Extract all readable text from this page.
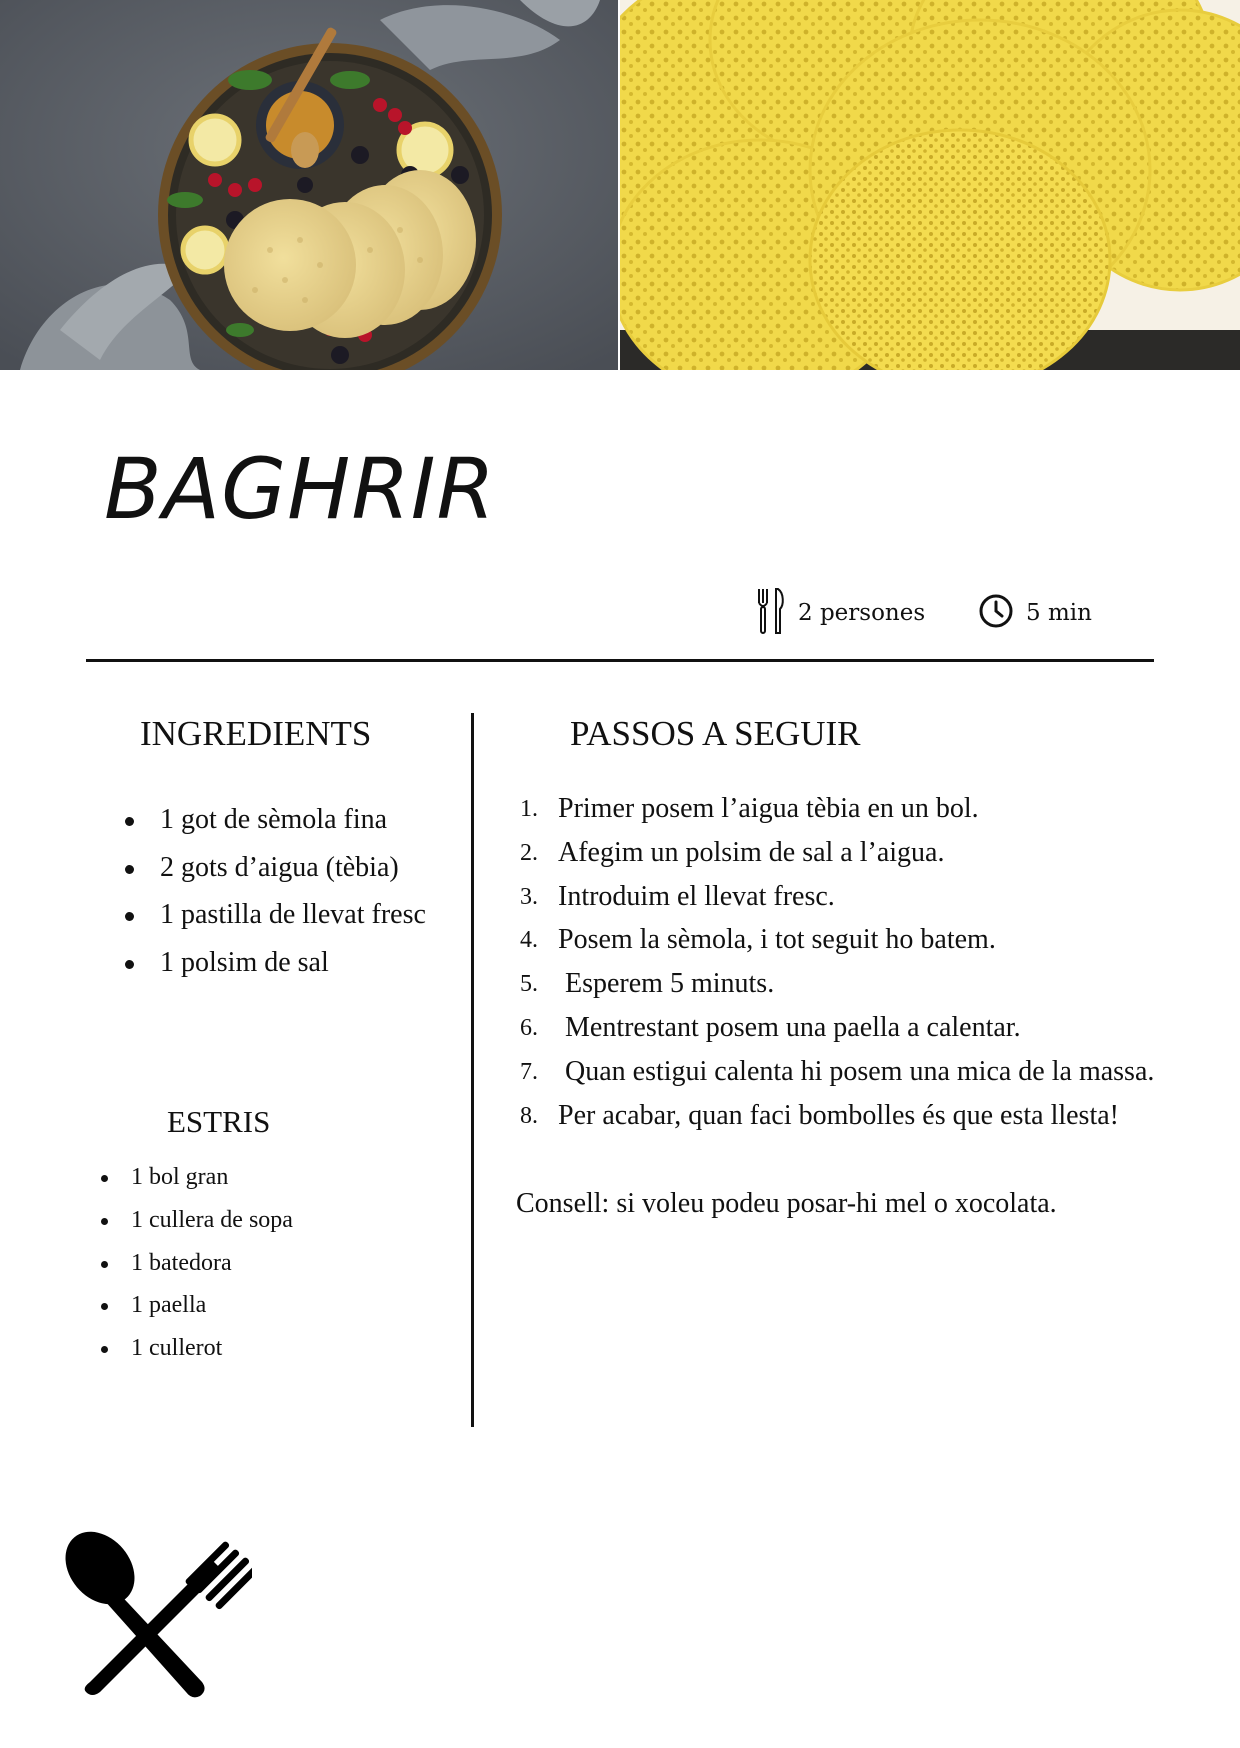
BAGHRIR
2 persones	5 min
INGREDIENTS
1 got de sèmola fina
2 gots d’aigua (tèbia)
1 pastilla de llevat fresc
1 polsim de sal
ESTRIS
1 bol gran
1 cullera de sopa
1 batedora
1 paella
1 cullerot
PASSOS A SEGUIR
1. Primer posem l’aigua tèbia en un bol.
2. Afegim un polsim de sal a l’aigua.
3. Introduim el llevat fresc.
4. Posem la sèmola, i tot seguit ho batem.
5. Esperem 5 minuts.
6. Mentrestant posem una paella a calentar.
7. Quan estigui calenta hi posem una mica de la massa.
8. Per acabar, quan faci bombolles és que esta llesta!

Consell: si voleu podeu posar-hi mel o xocolata.
